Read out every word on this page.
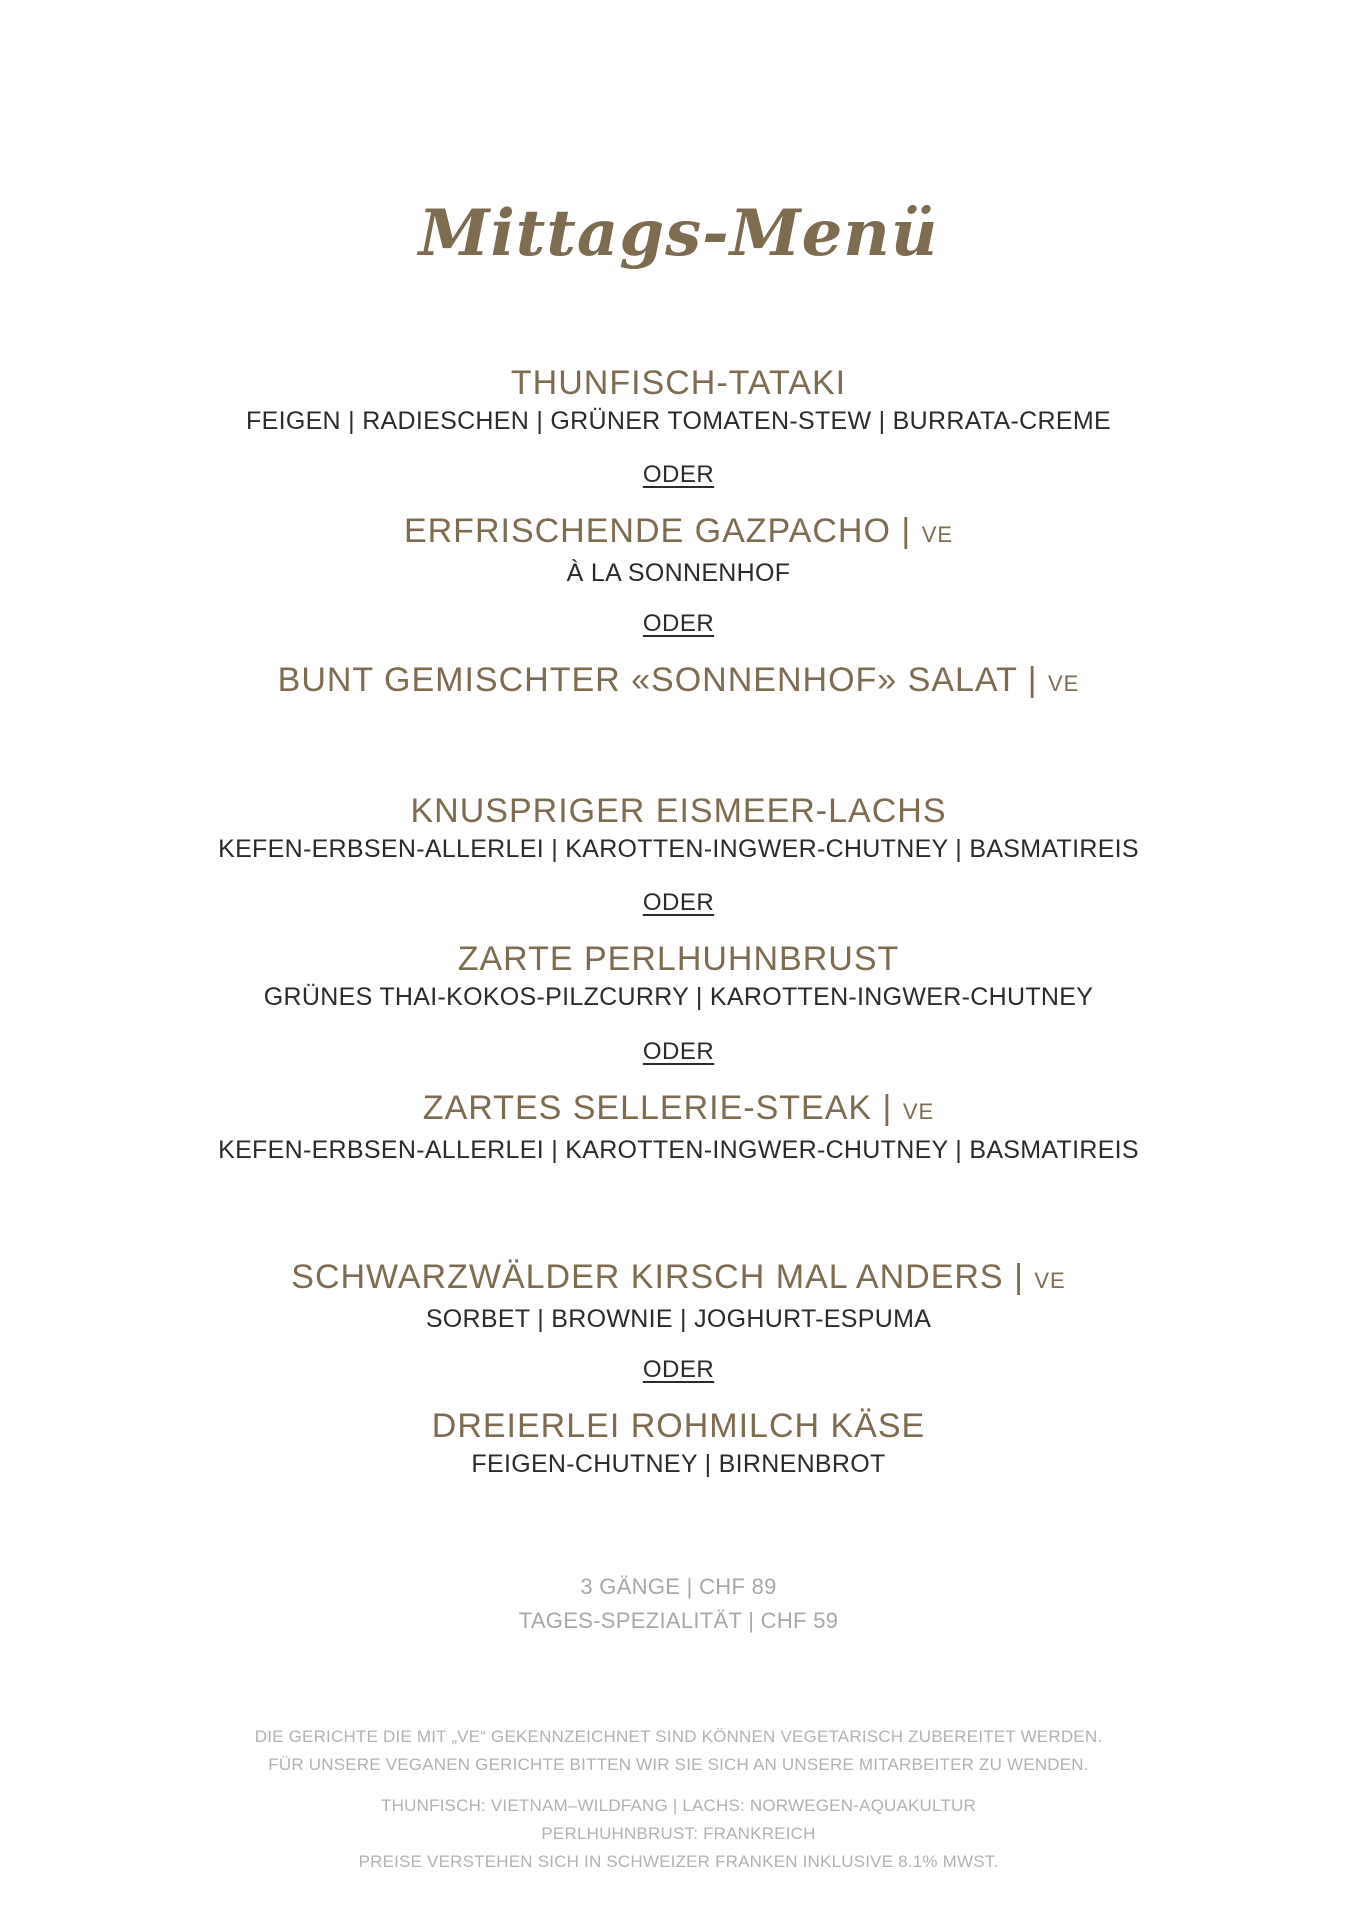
Mittags-Menü
THUNFISCH-TATAKI
FEIGEN | RADIESCHEN | GRÜNER TOMATEN-STEW | BURRATA-CREME
ODER
ERFRISCHENDE GAZPACHO | VE
À LA SONNENHOF
ODER
BUNT GEMISCHTER «SONNENHOF» SALAT | VE
KNUSPRIGER EISMEER-LACHS
KEFEN-ERBSEN-ALLERLEI | KAROTTEN-INGWER-CHUTNEY | BASMATIREIS
ODER
ZARTE PERLHUHNBRUST
GRÜNES THAI-KOKOS-PILZCURRY | KAROTTEN-INGWER-CHUTNEY
ODER
ZARTES SELLERIE-STEAK | VE
KEFEN-ERBSEN-ALLERLEI | KAROTTEN-INGWER-CHUTNEY | BASMATIREIS
SCHWARZWÄLDER KIRSCH MAL ANDERS | VE
SORBET | BROWNIE | JOGHURT-ESPUMA
ODER
DREIERLEI ROHMILCH KÄSE
FEIGEN-CHUTNEY | BIRNENBROT
3 GÄNGE | CHF 89
TAGES-SPEZIALITÄT | CHF 59
DIE GERICHTE DIE MIT „VE“ GEKENNZEICHNET SIND KÖNNEN VEGETARISCH ZUBEREITET WERDEN.
FÜR UNSERE VEGANEN GERICHTE BITTEN WIR SIE SICH AN UNSERE MITARBEITER ZU WENDEN.
THUNFISCH: VIETNAM–WILDFANG | LACHS: NORWEGEN-AQUAKULTUR
PERLHUHNBRUST: FRANKREICH
PREISE VERSTEHEN SICH IN SCHWEIZER FRANKEN INKLUSIVE 8.1% MWST.
